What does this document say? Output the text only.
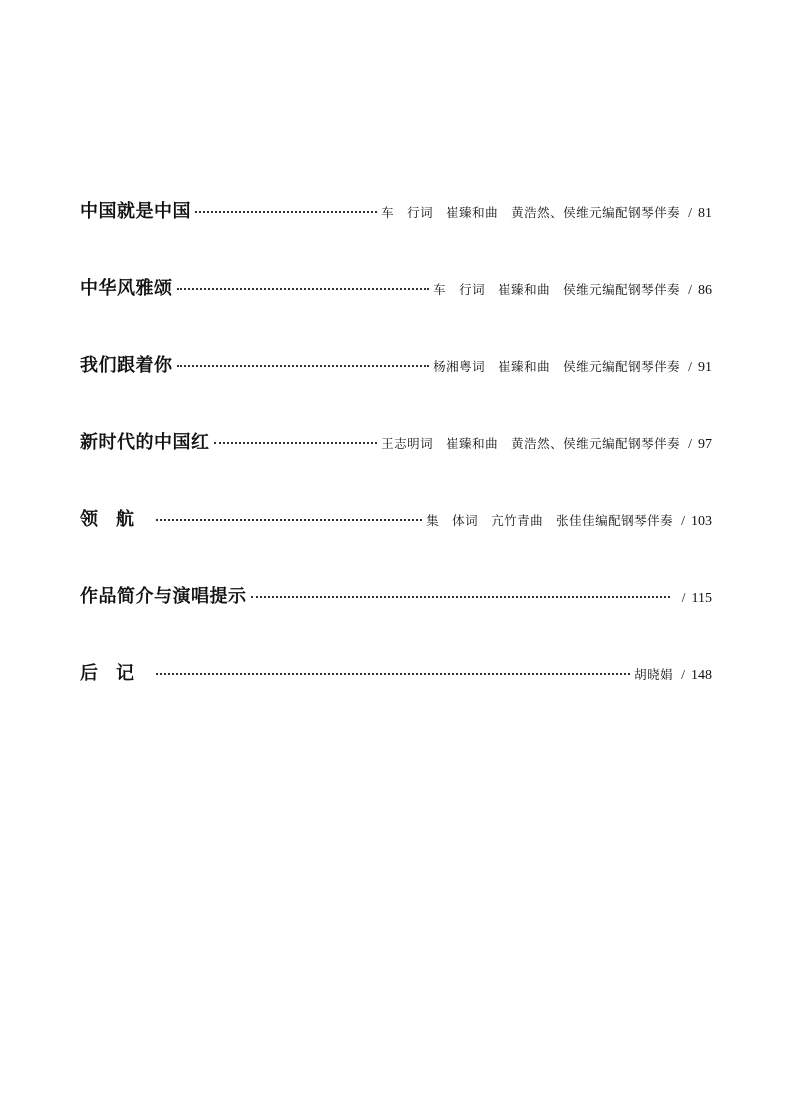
中国就是中国	车　行词　崔臻和曲　黄浩然、侯维元编配钢琴伴奏 / 81
中华风雅颂	车　行词　崔臻和曲　侯维元编配钢琴伴奏 / 86
我们跟着你	杨湘粤词　崔臻和曲　侯维元编配钢琴伴奏 / 91
新时代的中国红	王志明词　崔臻和曲　黄浩然、侯维元编配钢琴伴奏 / 97
领航	集　体词　亢竹青曲　张佳佳编配钢琴伴奏 / 103
作品简介与演唱提示	/ 115
后记	胡晓娟 / 148
